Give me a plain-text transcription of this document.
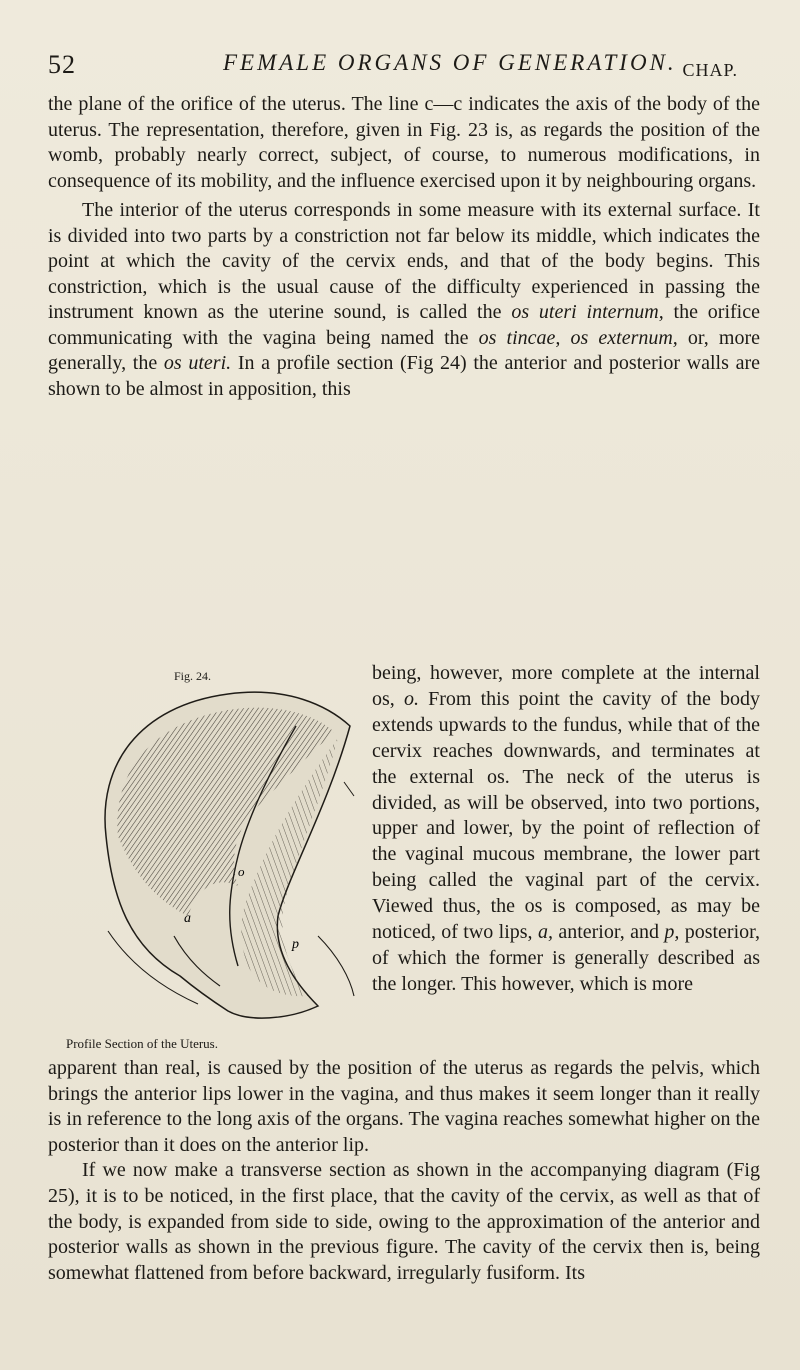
52	FEMALE ORGANS OF GENERATION. CHAP.

the plane of the orifice of the uterus. The line c—c indicates the axis of the body of the uterus. The representation, therefore, given in Fig. 23 is, as regards the position of the womb, probably nearly correct, subject, of course, to numerous modifications, in consequence of its mobility, and the influence exercised upon it by neighbouring organs.

The interior of the uterus corresponds in some measure with its external surface. It is divided into two parts by a constriction not far below its middle, which indicates the point at which the cavity of the cervix ends, and that of the body begins. This constriction, which is the usual cause of the difficulty experienced in passing the instrument known as the uterine sound, is called the os uteri internum, the orifice communicating with the vagina being named the os tincae, os externum, or, more generally, the os uteri. In a profile section (Fig 24) the anterior and posterior walls are shown to be almost in apposition, this

Fig. 24.
a
p
o
Profile Section of the Uterus.
being, however, more complete at the internal os, o. From this point the cavity of the body extends upwards to the fundus, while that of the cervix reaches downwards, and terminates at the external os. The neck of the uterus is divided, as will be observed, into two portions, upper and lower, by the point of reflection of the vaginal mucous membrane, the lower part being called the vaginal part of the cervix. Viewed thus, the os is composed, as may be noticed, of two lips, a, anterior, and p, posterior, of which the former is generally described as the longer. This however, which is more

apparent than real, is caused by the position of the uterus as regards the pelvis, which brings the anterior lips lower in the vagina, and thus makes it seem longer than it really is in reference to the long axis of the organs. The vagina reaches somewhat higher on the posterior than it does on the anterior lip.

If we now make a transverse section as shown in the accompanying diagram (Fig 25), it is to be noticed, in the first place, that the cavity of the cervix, as well as that of the body, is expanded from side to side, owing to the approximation of the anterior and posterior walls as shown in the previous figure. The cavity of the cervix then is, being somewhat flattened from before backward, irregularly fusiform. Its
